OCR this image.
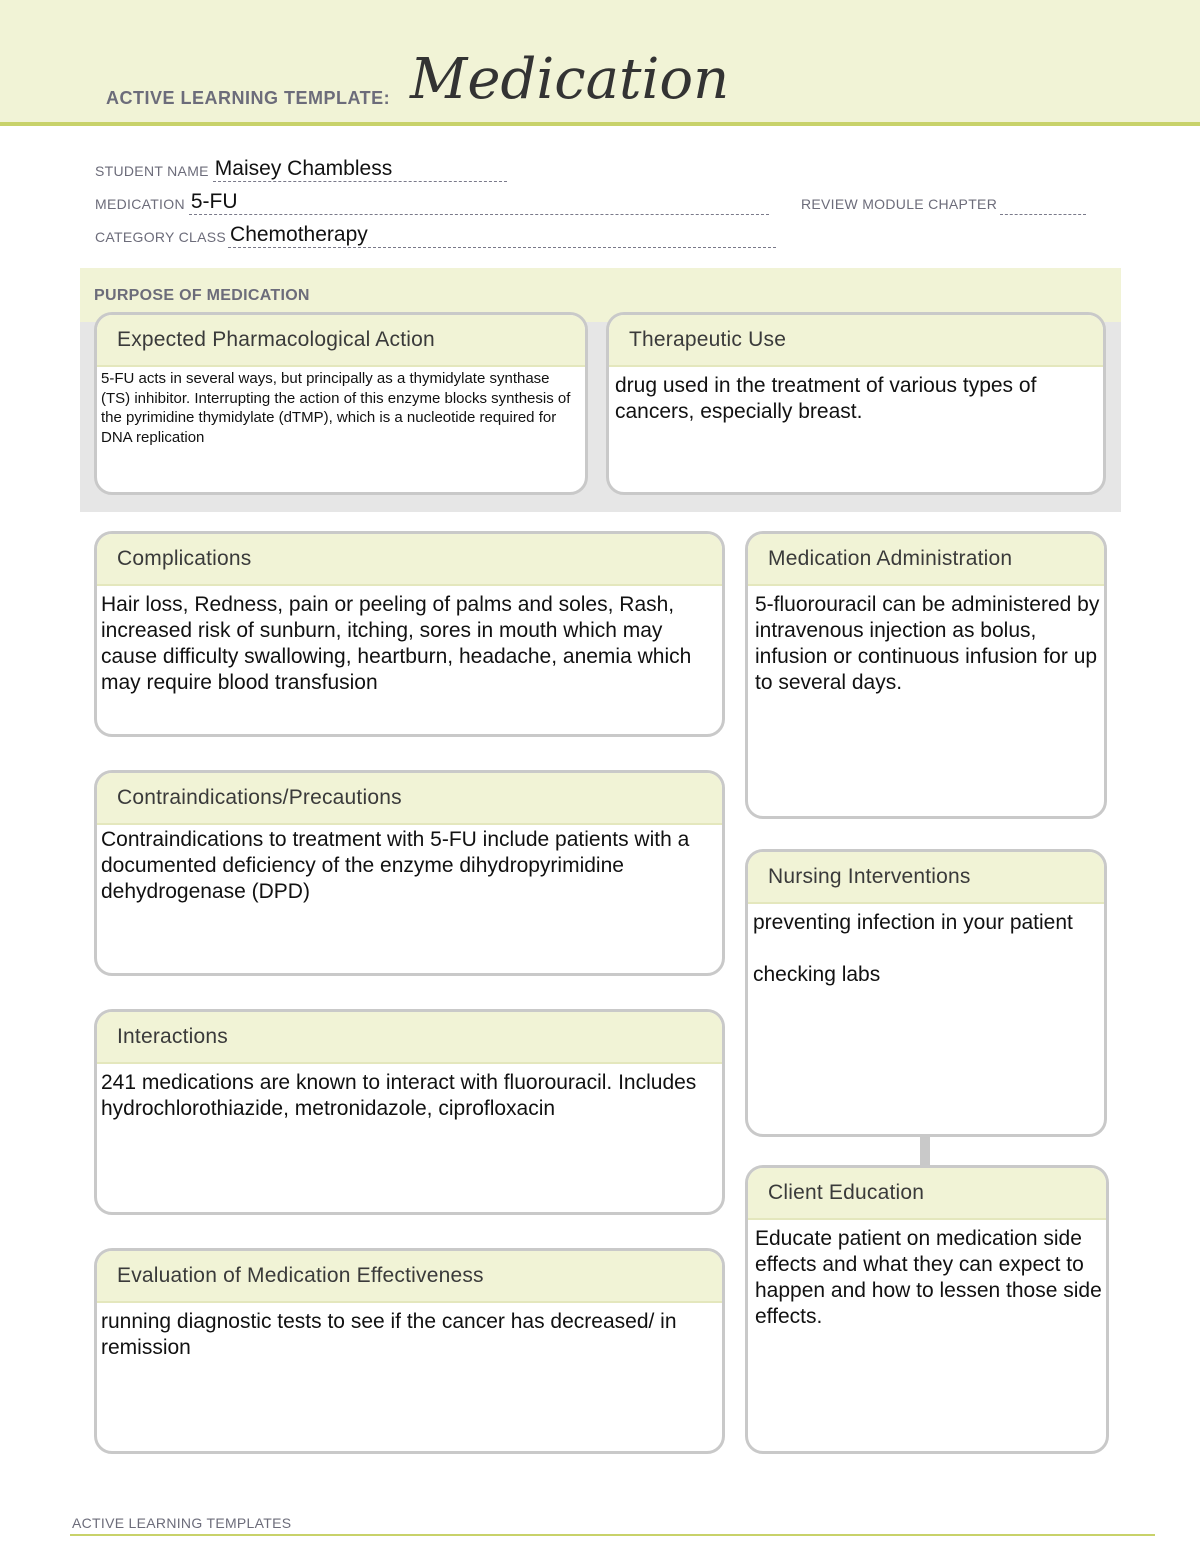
ACTIVE LEARNING TEMPLATE: Medication
STUDENT NAME Maisey Chambless
MEDICATION 5-FU	REVIEW MODULE CHAPTER
CATEGORY CLASS Chemotherapy
PURPOSE OF MEDICATION
Expected Pharmacological Action
5-FU acts in several ways, but principally as a thymidylate synthase (TS) inhibitor. Interrupting the action of this enzyme blocks synthesis of the pyrimidine thymidylate (dTMP), which is a nucleotide required for DNA replication
Therapeutic Use
drug used in the treatment of various types of cancers, especially breast.
Complications
Hair loss, Redness, pain or peeling of palms and soles, Rash, increased risk of sunburn, itching, sores in mouth which may cause difficulty swallowing, heartburn, headache, anemia which may require blood transfusion
Contraindications/Precautions
Contraindications to treatment with 5-FU include patients with a documented deficiency of the enzyme dihydropyrimidine dehydrogenase (DPD)
Interactions
241 medications are known to interact with fluorouracil. Includes hydrochlorothiazide, metronidazole, ciprofloxacin
Evaluation of Medication Effectiveness
running diagnostic tests to see if the cancer has decreased/ in remission
Medication Administration
5-fluorouracil can be administered by intravenous injection as bolus, infusion or continuous infusion for up to several days.
Nursing Interventions
preventing infection in your patient

checking labs
Client Education
Educate patient on medication side effects and what they can expect to happen and how to lessen those side effects.
ACTIVE LEARNING TEMPLATES
